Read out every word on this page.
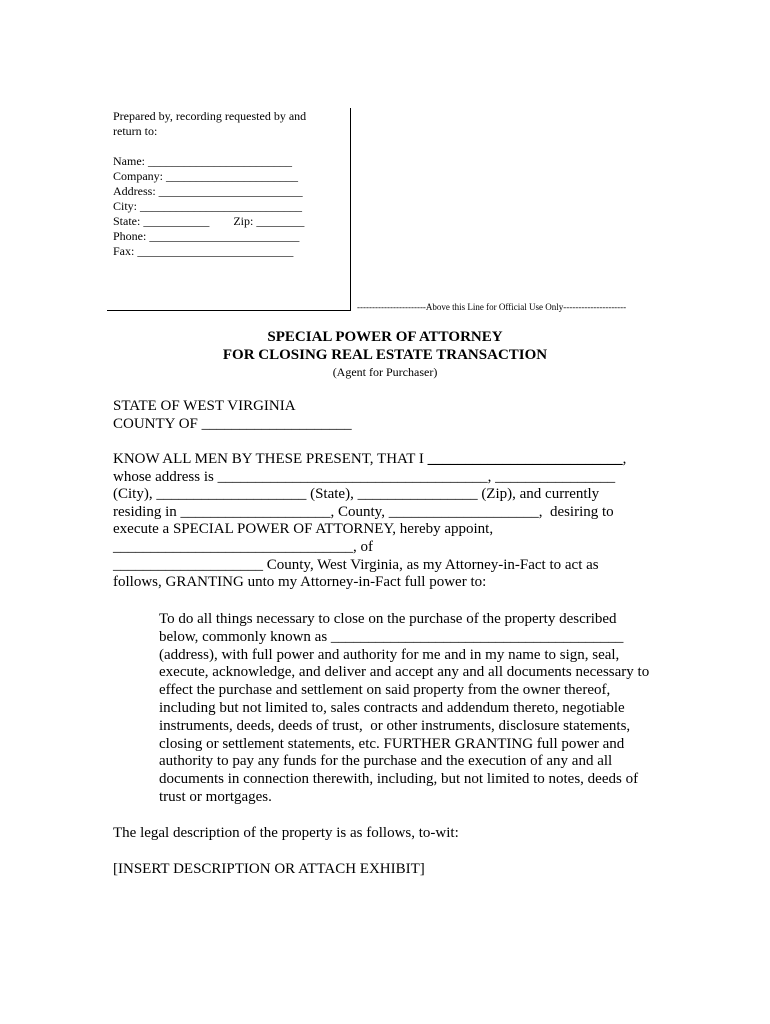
Prepared by, recording requested by and
return to:
Name: ________________________
Company: ______________________
Address: ________________________
City: ___________________________
State: ___________        Zip: ________
Phone: _________________________
Fax: __________________________
-----------------------Above this Line for Official Use Only---------------------
SPECIAL POWER OF ATTORNEY
FOR CLOSING REAL ESTATE TRANSACTION
(Agent for Purchaser)
STATE OF WEST VIRGINIA
COUNTY OF ____________________
KNOW ALL MEN BY THESE PRESENT, THAT I __________________________,
whose address is ____________________________________, ________________
(City), ____________________ (State), ________________ (Zip), and currently
residing in ____________________, County, ____________________,  desiring to
execute a SPECIAL POWER OF ATTORNEY, hereby appoint,
________________________________, of
____________________ County, West Virginia, as my Attorney-in-Fact to act as
follows, GRANTING unto my Attorney-in-Fact full power to:
To do all things necessary to close on the purchase of the property described
below, commonly known as _______________________________________
(address), with full power and authority for me and in my name to sign, seal,
execute, acknowledge, and deliver and accept any and all documents necessary to
effect the purchase and settlement on said property from the owner thereof,
including but not limited to, sales contracts and addendum thereto, negotiable
instruments, deeds, deeds of trust,  or other instruments, disclosure statements,
closing or settlement statements, etc. FURTHER GRANTING full power and
authority to pay any funds for the purchase and the execution of any and all
documents in connection therewith, including, but not limited to notes, deeds of
trust or mortgages.
The legal description of the property is as follows, to-wit:
[INSERT DESCRIPTION OR ATTACH EXHIBIT]
